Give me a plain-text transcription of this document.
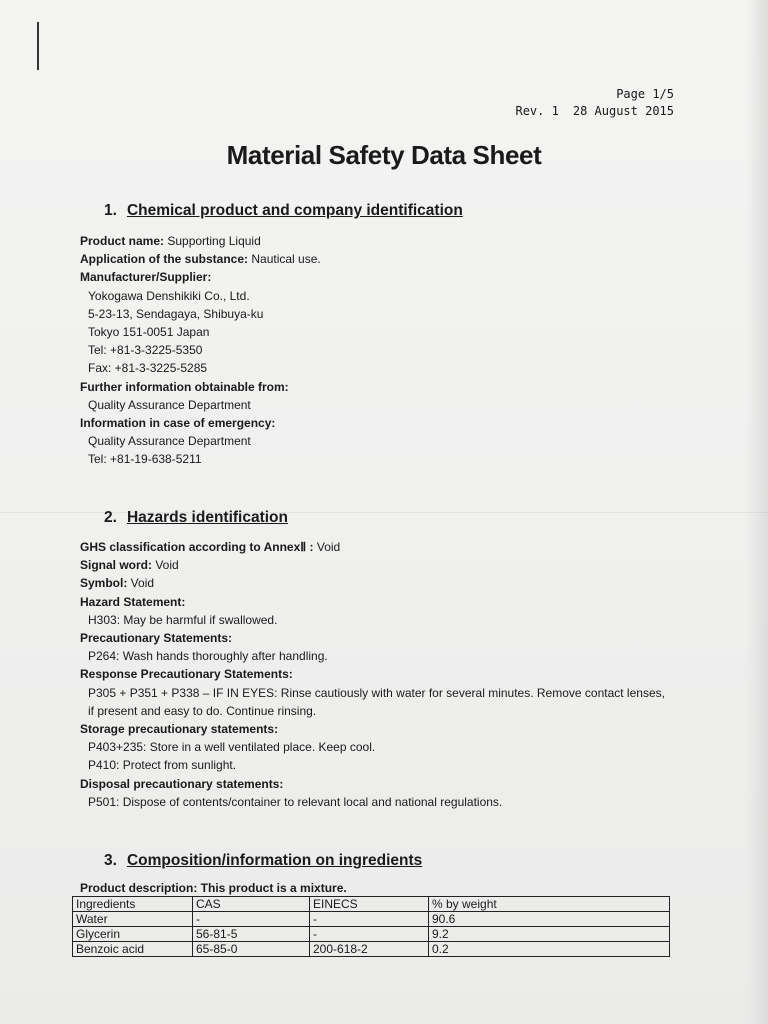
Page 1/5
Rev. 1 28 August 2015
Material Safety Data Sheet
1. Chemical product and company identification
Product name: Supporting Liquid
Application of the substance: Nautical use.
Manufacturer/Supplier:
Yokogawa Denshikiki Co., Ltd.
5-23-13, Sendagaya, Shibuya-ku
Tokyo 151-0051 Japan
Tel: +81-3-3225-5350
Fax: +81-3-3225-5285
Further information obtainable from:
Quality Assurance Department
Information in case of emergency:
Quality Assurance Department
Tel: +81-19-638-5211
2. Hazards identification
GHS classification according to AnnexⅡ : Void
Signal word: Void
Symbol: Void
Hazard Statement:
H303: May be harmful if swallowed.
Precautionary Statements:
P264: Wash hands thoroughly after handling.
Response Precautionary Statements:
P305 + P351 + P338 – IF IN EYES: Rinse cautiously with water for several minutes. Remove contact lenses,
if present and easy to do. Continue rinsing.
Storage precautionary statements:
P403+235: Store in a well ventilated place. Keep cool.
P410: Protect from sunlight.
Disposal precautionary statements:
P501: Dispose of contents/container to relevant local and national regulations.
3. Composition/information on ingredients
Product description: This product is a mixture.
Ingredients	CAS	EINECS	% by weight
Water	-	-	90.6
Glycerin	56-81-5	-	9.2
Benzoic acid	65-85-0	200-618-2	0.2
